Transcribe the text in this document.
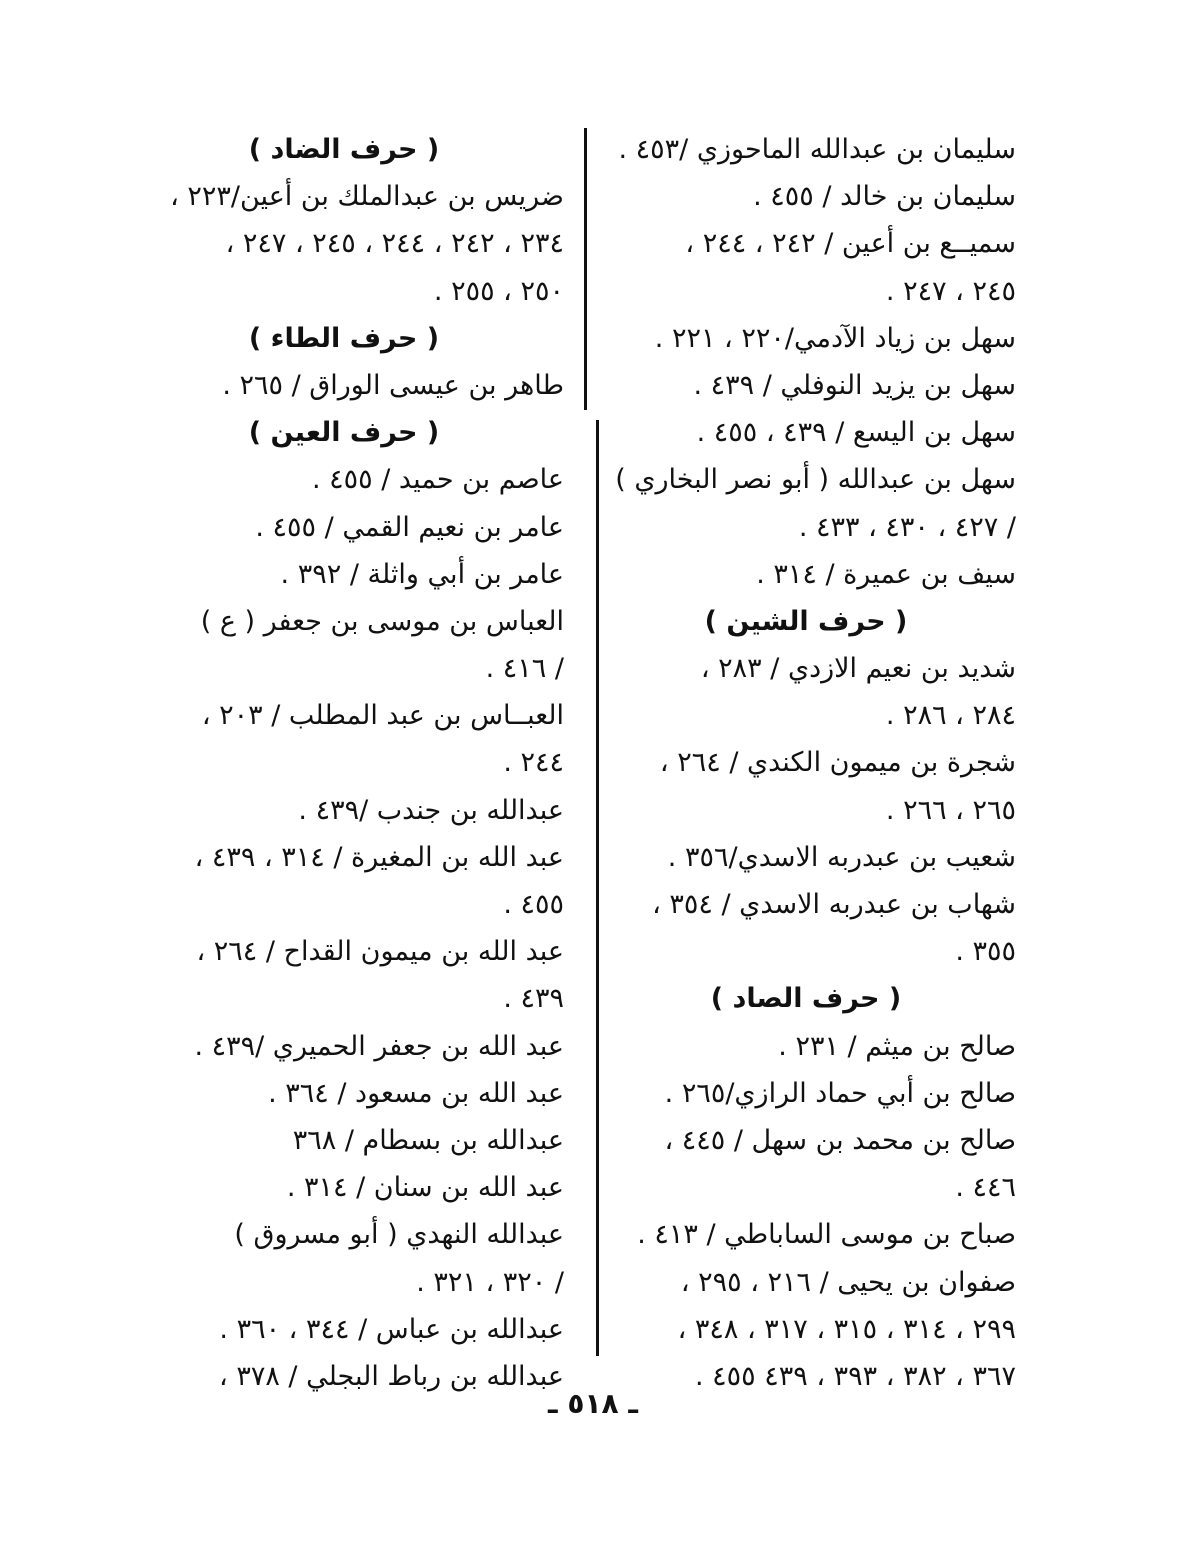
سليمان بن عبدالله الماحوزي /٤٥٣ .
سليمان بن خالد / ٤٥٥ .
سميــع بن أعين / ٢٤٢ ، ٢٤٤ ،
٢٤٥ ، ٢٤٧ .
سهل بن زياد الآدمي/٢٢٠ ، ٢٢١ .
سهل بن يزيد النوفلي / ٤٣٩ .
سهل بن اليسع / ٤٣٩ ، ٤٥٥ .
سهل بن عبدالله ( أبو نصر البخاري )
/ ٤٢٧ ، ٤٣٠ ، ٤٣٣ .
سيف بن عميرة / ٣١٤ .
( حرف الشين )
شديد بن نعيم الازدي / ٢٨٣ ،
٢٨٤ ، ٢٨٦ .
شجرة بن ميمون الكندي / ٢٦٤ ،
٢٦٥ ، ٢٦٦ .
شعيب بن عبدربه الاسدي/٣٥٦ .
شهاب بن عبدربه الاسدي / ٣٥٤ ،
٣٥٥ .
( حرف الصاد )
صالح بن ميثم / ٢٣١ .
صالح بن أبي حماد الرازي/٢٦٥ .
صالح بن محمد بن سهل / ٤٤٥ ،
٤٤٦ .
صباح بن موسى الساباطي / ٤١٣ .
صفوان بن يحيى / ٢١٦ ، ٢٩٥ ،
٢٩٩ ، ٣١٤ ، ٣١٥ ، ٣١٧ ، ٣٤٨ ،
٣٦٧ ، ٣٨٢ ، ٣٩٣ ، ٤٣٩ ٤٥٥ .
( حرف الضاد )
ضريس بن عبدالملك بن أعين/٢٢٣ ،
٢٣٤ ، ٢٤٢ ، ٢٤٤ ، ٢٤٥ ، ٢٤٧ ،
٢٥٠ ، ٢٥٥ .
( حرف الطاء )
طاهر بن عيسى الوراق / ٢٦٥ .
( حرف العين )
عاصم بن حميد / ٤٥٥ .
عامر بن نعيم القمي / ٤٥٥ .
عامر بن أبي واثلة / ٣٩٢ .
العباس بن موسى بن جعفر ( ع )
/ ٤١٦ .
العبــاس بن عبد المطلب / ٢٠٣ ،
٢٤٤ .
عبدالله بن جندب /٤٣٩ .
عبد الله بن المغيرة / ٣١٤ ، ٤٣٩ ،
٤٥٥ .
عبد الله بن ميمون القداح / ٢٦٤ ،
٤٣٩ .
عبد الله بن جعفر الحميري /٤٣٩ .
عبد الله بن مسعود / ٣٦٤ .
عبدالله بن بسطام / ٣٦٨
عبد الله بن سنان / ٣١٤ .
عبدالله النهدي ( أبو مسروق )
/ ٣٢٠ ، ٣٢١ .
عبدالله بن عباس / ٣٤٤ ، ٣٦٠ .
عبدالله بن رباط البجلي / ٣٧٨ ،
ـ ٥١٨ ـ
